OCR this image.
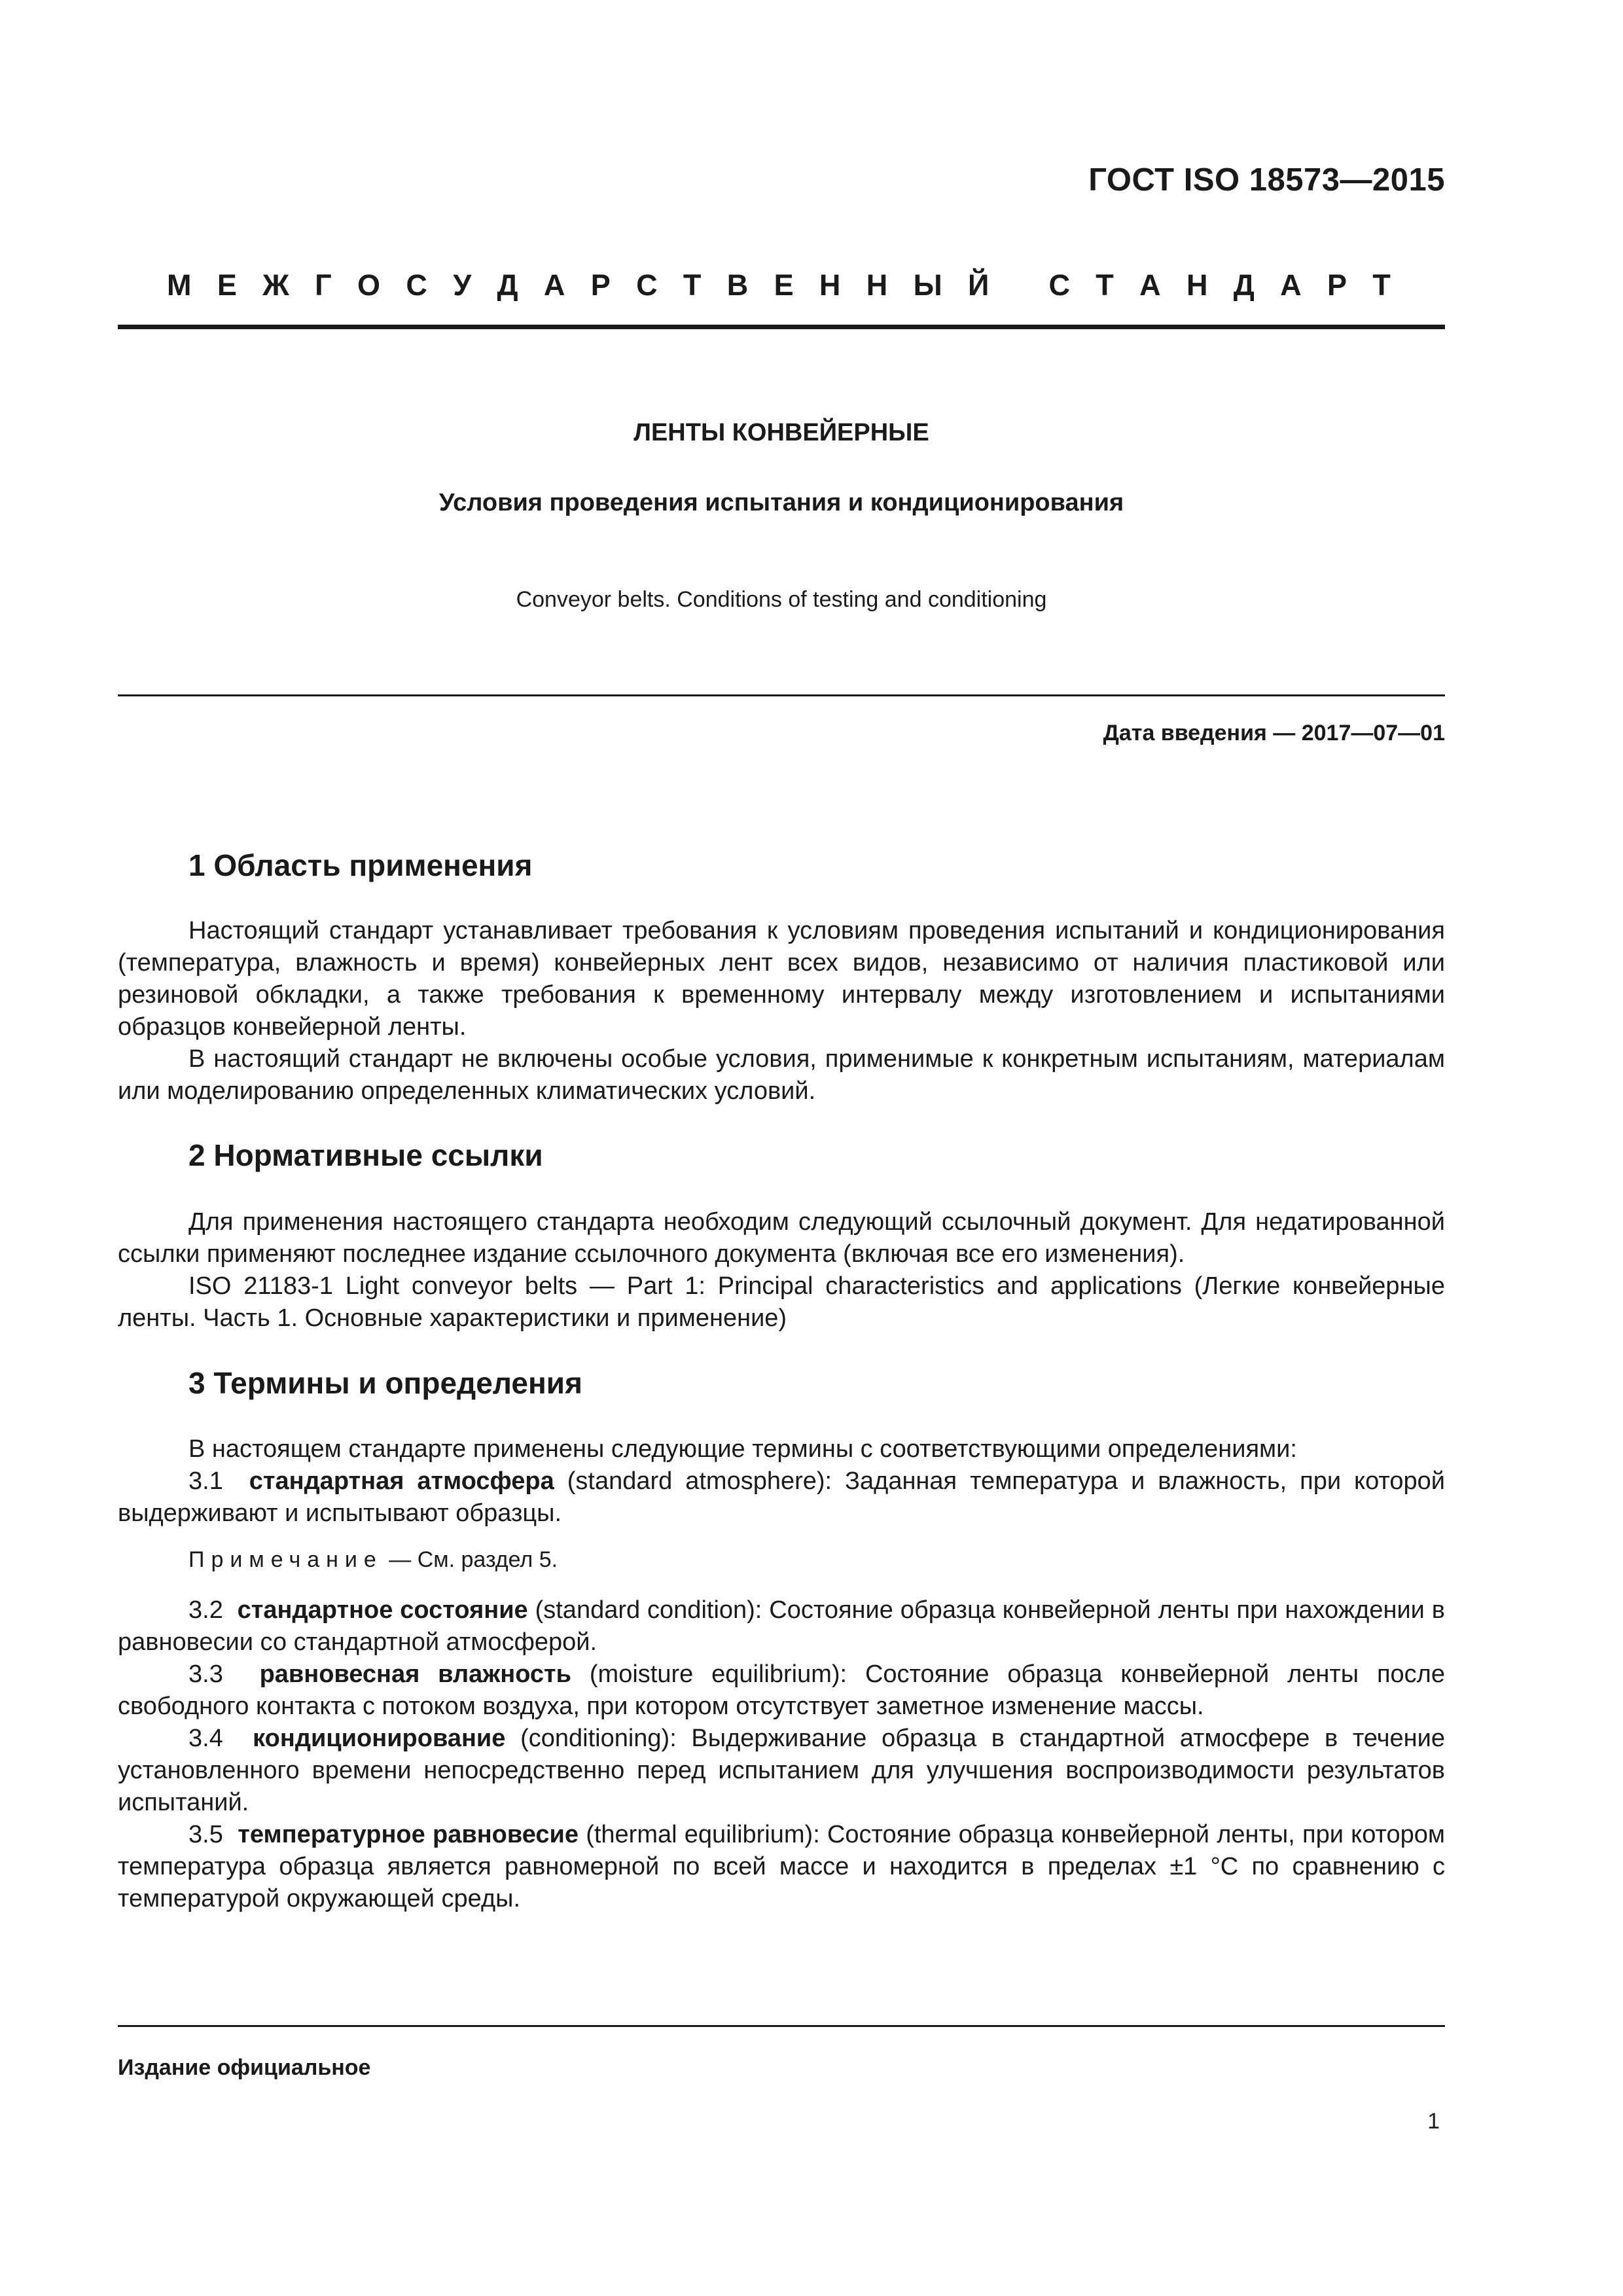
ГОСТ ISO 18573—2015
М Е Ж Г О С У Д А Р С Т В Е Н Н Ы Й
С Т А Н Д А Р Т
ЛЕНТЫ КОНВЕЙЕРНЫЕ
Условия проведения испытания и кондиционирования
Conveyor belts. Conditions of testing and conditioning
Дата введения — 2017—07—01
1 Область применения

Настоящий стандарт устанавливает требования к условиям проведения испытаний и кондиционирования (температура, влажность и время) конвейерных лент всех видов, независимо от наличия пластиковой или резиновой обкладки, а также требования к временному интервалу между изготовлением и испытаниями образцов конвейерной ленты.

В настоящий стандарт не включены особые условия, применимые к конкретным испытаниям, материалам или моделированию определенных климатических условий.

2 Нормативные ссылки

Для применения настоящего стандарта необходим следующий ссылочный документ. Для недатированной ссылки применяют последнее издание ссылочного документа (включая все его изменения).

ISO 21183-1 Light conveyor belts — Part 1: Principal characteristics and applications (Легкие конвейерные ленты. Часть 1. Основные характеристики и применение)

3 Термины и определения

В настоящем стандарте применены следующие термины с соответствующими определениями:

3.1 стандартная атмосфера (standard atmosphere): Заданная температура и влажность, при которой выдерживают и испытывают образцы.

Примечание — См. раздел 5.

3.2 стандартное состояние (standard condition): Состояние образца конвейерной ленты при нахождении в равновесии со стандартной атмосферой.

3.3 равновесная влажность (moisture equilibrium): Состояние образца конвейерной ленты после свободного контакта с потоком воздуха, при котором отсутствует заметное изменение массы.

3.4 кондиционирование (conditioning): Выдерживание образца в стандартной атмосфере в течение установленного времени непосредственно перед испытанием для улучшения воспроизводимости результатов испытаний.

3.5 температурное равновесие (thermal equilibrium): Состояние образца конвейерной ленты, при котором температура образца является равномерной по всей массе и находится в пределах ±1 °C по сравнению с температурой окружающей среды.

Издание официальное
1
